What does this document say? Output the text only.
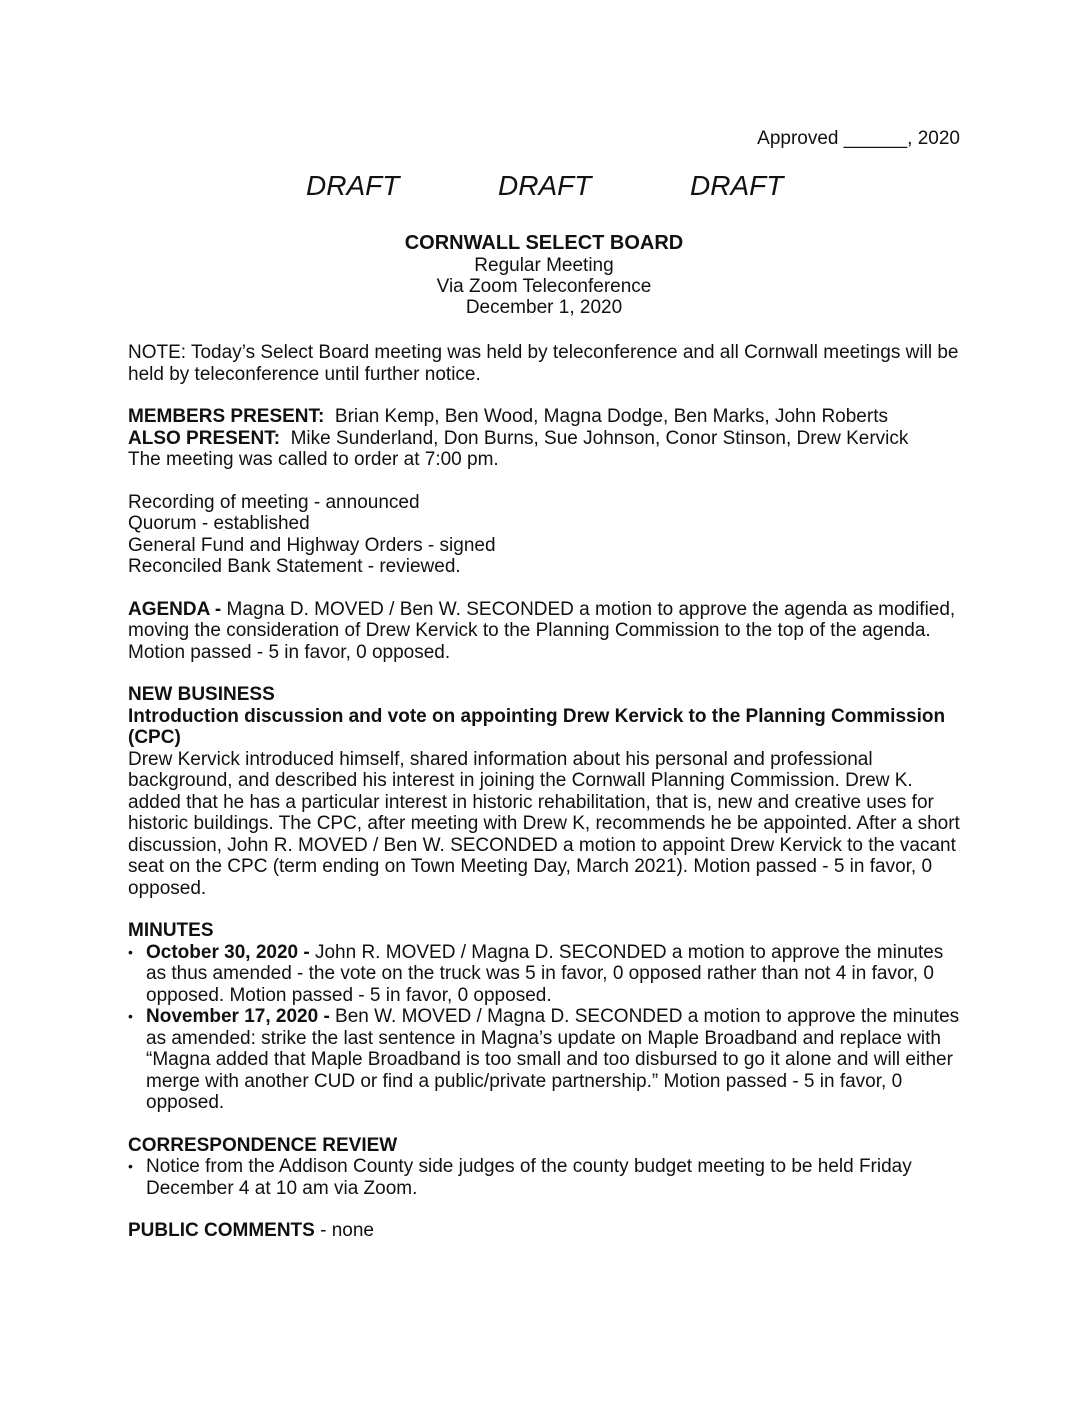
Approved ______, 2020
DRAFT	DRAFT	DRAFT
CORNWALL SELECT BOARD
Regular Meeting
Via Zoom Teleconference
December 1, 2020

NOTE: Today’s Select Board meeting was held by teleconference and all Cornwall meetings will be held by teleconference until further notice.

MEMBERS PRESENT: Brian Kemp, Ben Wood, Magna Dodge, Ben Marks, John Roberts
ALSO PRESENT: Mike Sunderland, Don Burns, Sue Johnson, Conor Stinson, Drew Kervick
The meeting was called to order at 7:00 pm.
Recording of meeting - announced
Quorum - established
General Fund and Highway Orders - signed
Reconciled Bank Statement - reviewed.

AGENDA - Magna D. MOVED / Ben W. SECONDED a motion to approve the agenda as modified, moving the consideration of Drew Kervick to the Planning Commission to the top of the agenda. Motion passed - 5 in favor, 0 opposed.

NEW BUSINESS
Introduction discussion and vote on appointing Drew Kervick to the Planning Commission (CPC)
Drew Kervick introduced himself, shared information about his personal and professional background, and described his interest in joining the Cornwall Planning Commission. Drew K. added that he has a particular interest in historic rehabilitation, that is, new and creative uses for historic buildings. The CPC, after meeting with Drew K, recommends he be appointed. After a short discussion, John R. MOVED / Ben W. SECONDED a motion to appoint Drew Kervick to the vacant seat on the CPC (term ending on Town Meeting Day, March 2021). Motion passed - 5 in favor, 0 opposed.
MINUTES
• October 30, 2020 - John R. MOVED / Magna D. SECONDED a motion to approve the minutes as thus amended - the vote on the truck was 5 in favor, 0 opposed rather than not 4 in favor, 0 opposed. Motion passed - 5 in favor, 0 opposed.
• November 17, 2020 - Ben W. MOVED / Magna D. SECONDED a motion to approve the minutes as amended: strike the last sentence in Magna’s update on Maple Broadband and replace with “Magna added that Maple Broadband is too small and too disbursed to go it alone and will either merge with another CUD or find a public/private partnership.” Motion passed - 5 in favor, 0 opposed.
CORRESPONDENCE REVIEW
• Notice from the Addison County side judges of the county budget meeting to be held Friday December 4 at 10 am via Zoom.
PUBLIC COMMENTS - none
